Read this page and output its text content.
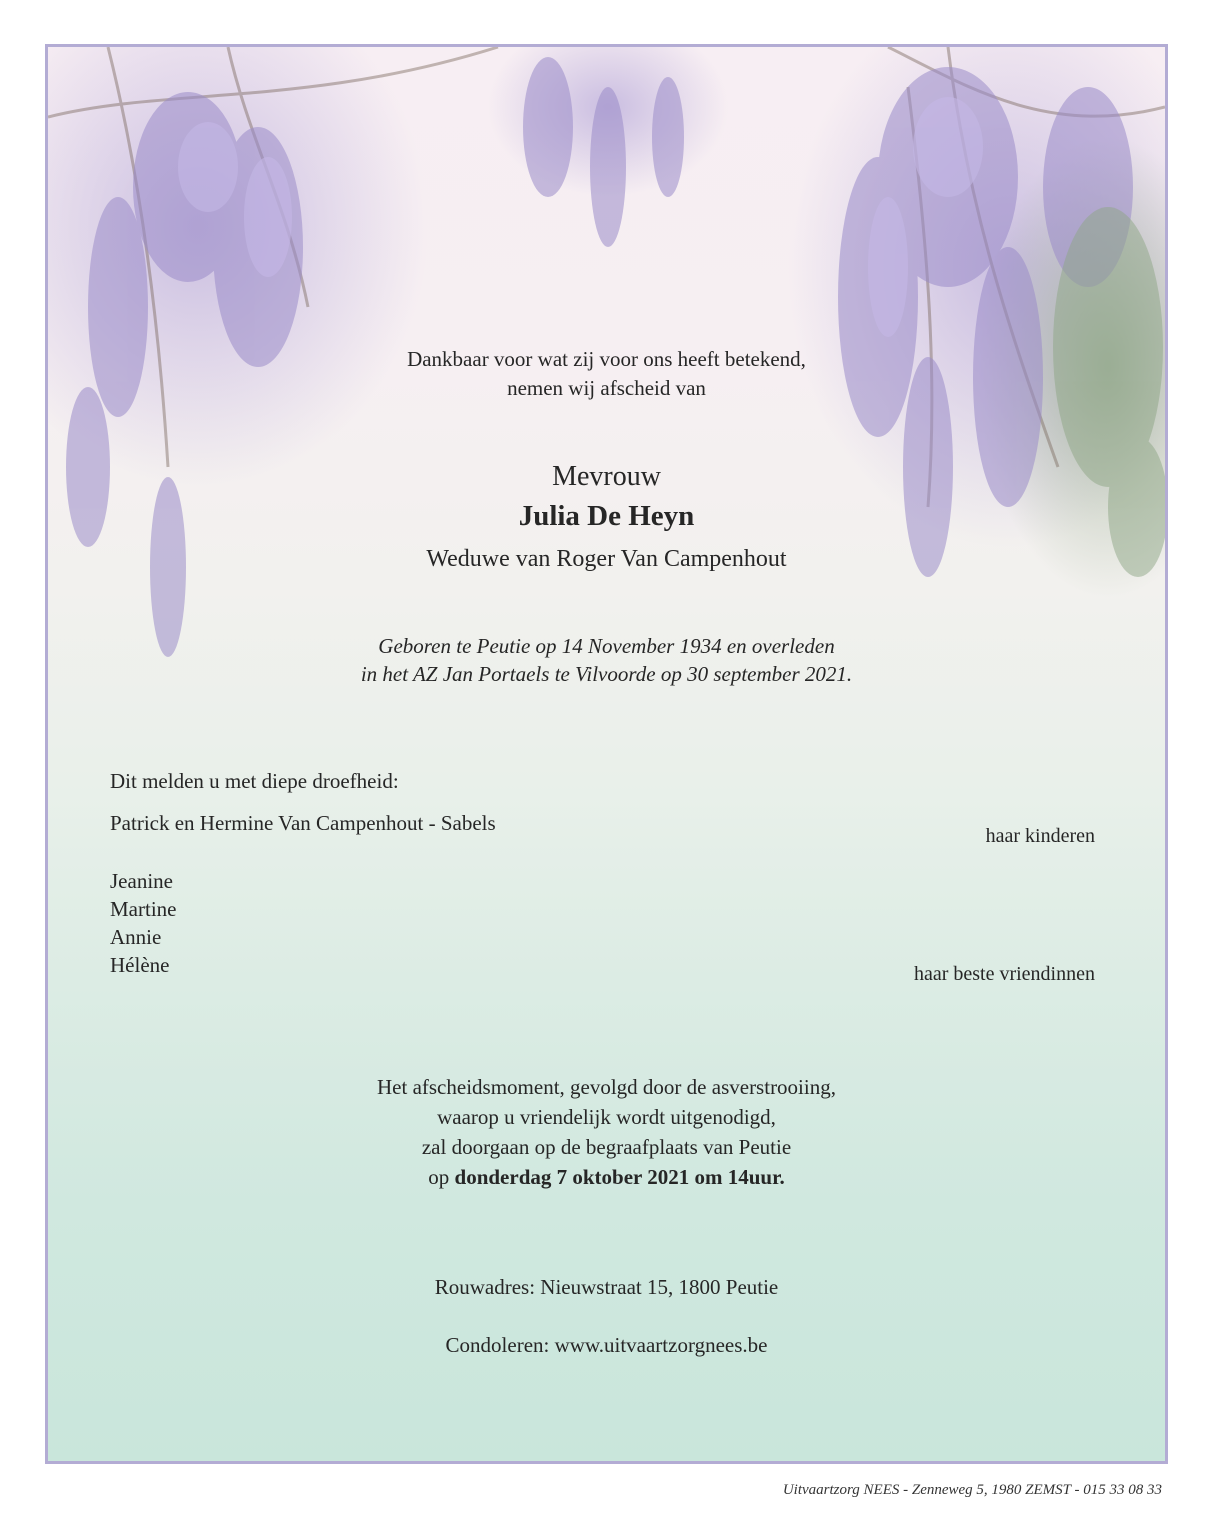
Dankbaar voor wat zij voor ons heeft betekend,
nemen wij afscheid van

Mevrouw

Julia De Heyn

Weduwe van Roger Van Campenhout

Geboren te Peutie op 14 November 1934 en overleden
in het AZ Jan Portaels te Vilvoorde op 30 september 2021.

Dit melden u met diepe droefheid:

Patrick en Hermine Van Campenhout - Sabels

haar kinderen

Jeanine
Martine
Annie
Hélène	haar beste vriendinnen

Het afscheidsmoment, gevolgd door de asverstrooiing,
waarop u vriendelijk wordt uitgenodigd,
zal doorgaan op de begraafplaats van Peutie
op donderdag 7 oktober 2021 om 14uur.

Rouwadres: Nieuwstraat 15, 1800 Peutie

Condoleren: www.uitvaartzorgnees.be

Uitvaartzorg NEES - Zenneweg 5, 1980 ZEMST - 015 33 08 33
